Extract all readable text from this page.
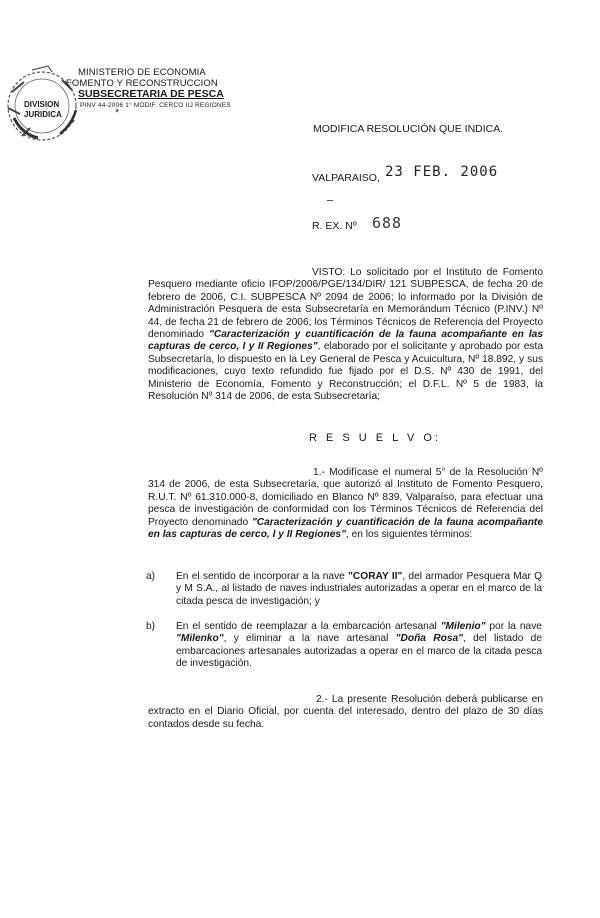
MINISTERIO DE ECONOMIA
FOMENTO Y RECONSTRUCCION
SUBSECRETARIA DE PESCA
PINV 44-2006 1° MODIF. CERCO IIJ REGIONES
DIVISION
JURIDICA	*
MODIFICA RESOLUCIÓN QUE INDICA.
VALPARAISO, 23 FEB. 2006
R. EX. Nº 688
VISTO: Lo solicitado por el Instituto de Fomento Pesquero mediante oficio IFOP/2006/PGE/134/DIR/ 121 SUBPESCA, de fecha 20 de febrero de 2006, C.I. SUBPESCA Nº 2094 de 2006; lo informado por la División de Administración Pesquera de esta Subsecretaría en Memorándum Técnico (P.INV.) Nº 44, de fecha 21 de febrero de 2006; los Términos Técnicos de Referencia del Proyecto denominado "Caracterización y cuantificación de la fauna acompañante en las capturas de cerco, I y II Regiones", elaborado por el solicitante y aprobado por esta Subsecretaría, lo dispuesto en la Ley General de Pesca y Acuicultura, Nº 18.892, y sus modificaciones, cuyo texto refundido fue fijado por el D.S. Nº 430 de 1991, del Ministerio de Economía, Fomento y Reconstrucción; el D.F.L. Nº 5 de 1983, la Resolución Nº 314 de 2006, de esta Subsecretaría;
R E S U E L V O:
1.- Modifícase el numeral 5° de la Resolución Nº 314 de 2006, de esta Subsecretaría, que autorizó al Instituto de Fomento Pesquero, R.U.T. Nº 61.310.000-8, domiciliado en Blanco Nº 839, Valparaíso, para efectuar una pesca de investigación de conformidad con los Términos Técnicos de Referencia del Proyecto denominado "Caracterización y cuantificación de la fauna acompañante en las capturas de cerco, I y II Regiones", en los siguientes términos:
a) En el sentido de incorporar a la nave "CORAY II", del armador Pesquera Mar Q y M S.A., al listado de naves industriales autorizadas a operar en el marco de la citada pesca de investigación; y
b) En el sentido de reemplazar a la embarcación artesanal "Milenio" por la nave "Milenko", y eliminar a la nave artesanal "Doña Rosa", del listado de embarcaciones artesanales autorizadas a operar en el marco de la citada pesca de investigación.
2.- La presente Resolución deberá publicarse en extracto en el Diario Oficial, por cuenta del interesado, dentro del plazo de 30 días contados desde su fecha.
